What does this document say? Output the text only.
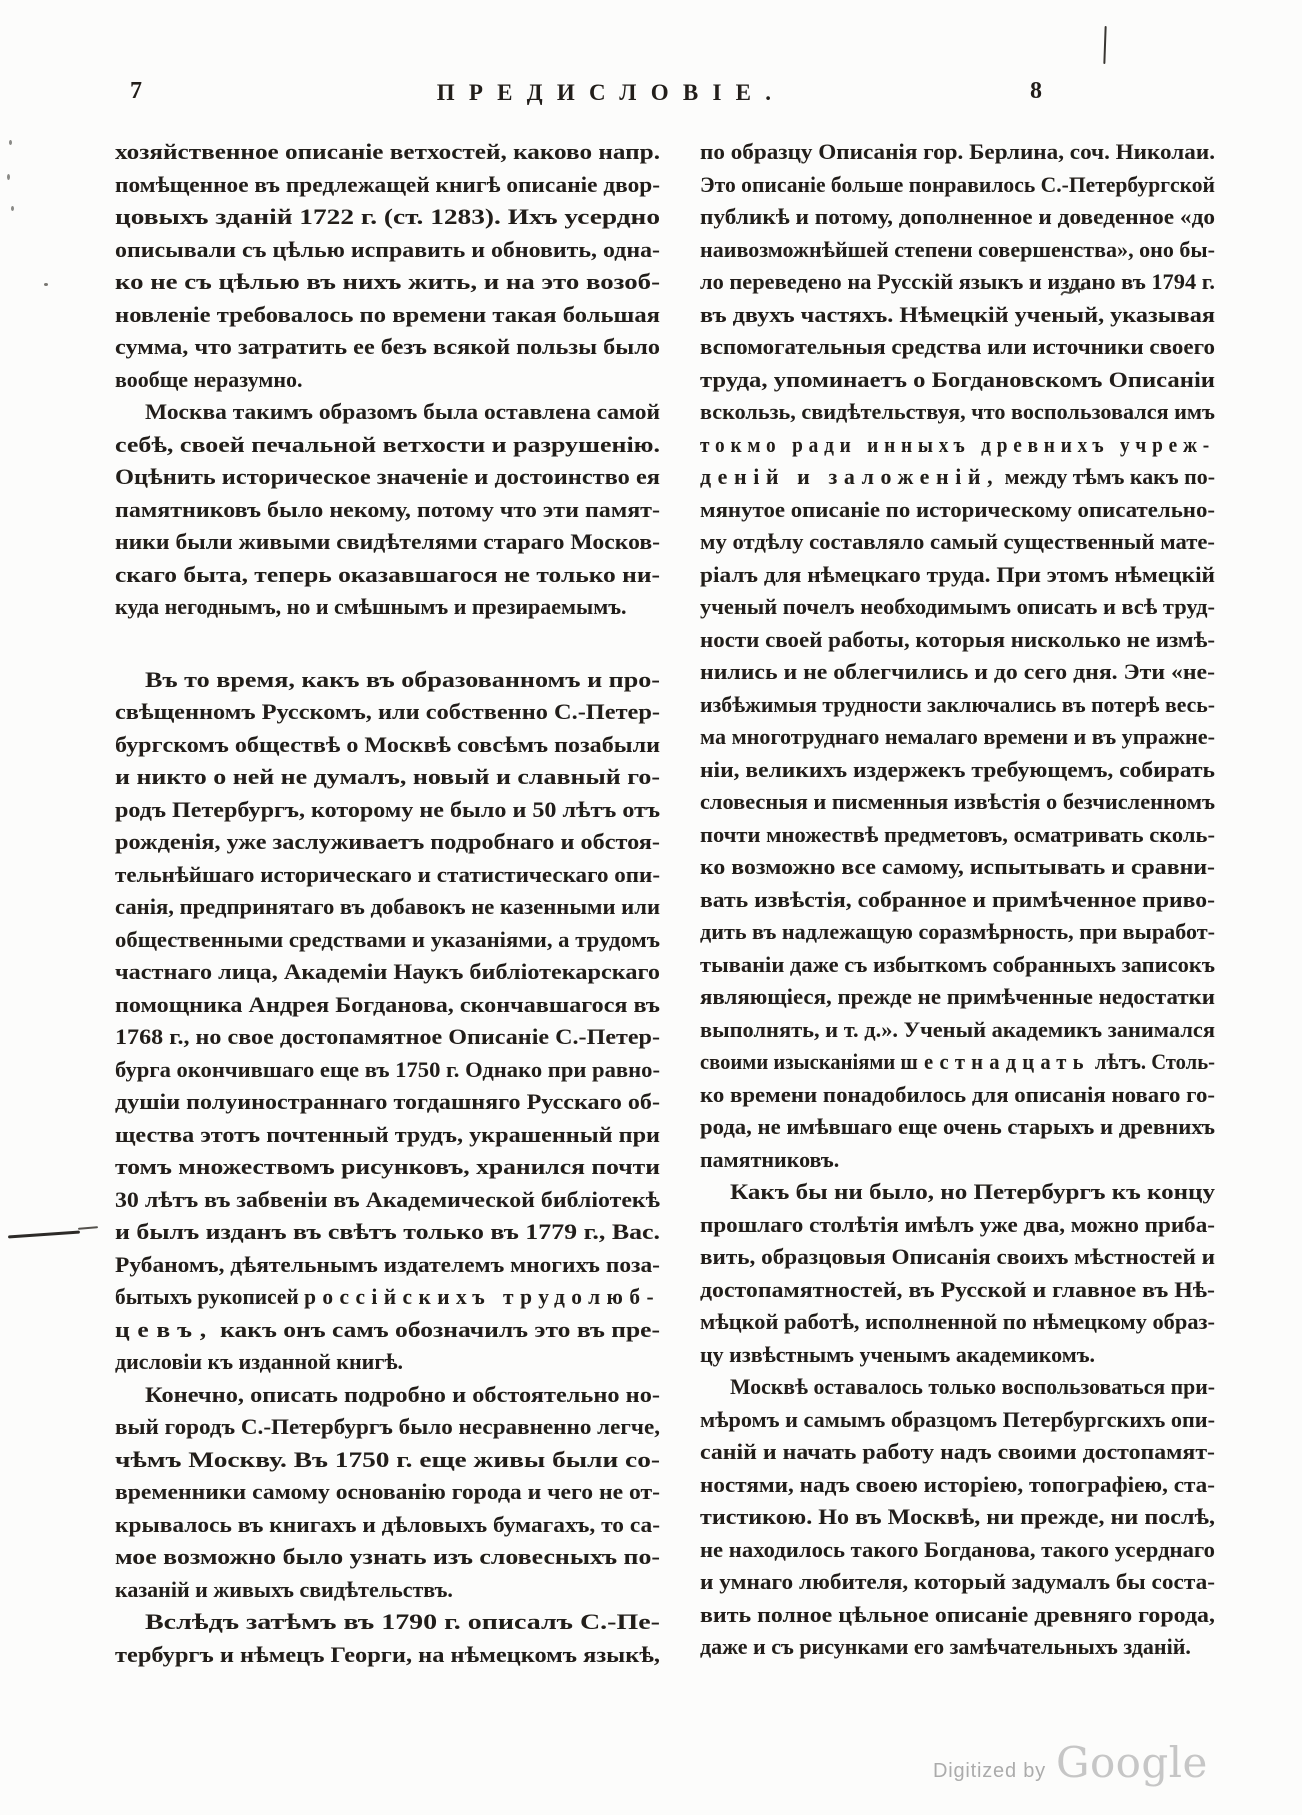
7	ПРЕДИСЛОВІЕ.	8
хозяйственное описаніе ветхостей, каково напр.
помѣщенное въ предлежащей книгѣ описаніе двор-
цовыхъ зданій 1722 г. (ст. 1283). Ихъ усердно
описывали съ цѣлью исправить и обновить, одна-
ко не съ цѣлью въ нихъ жить, и на это возоб-
новленіе требовалось по времени такая большая
сумма, что затратить ее безъ всякой пользы было
вообще неразумно.
Москва такимъ образомъ была оставлена самой
себѣ, своей печальной ветхости и разрушенію.
Оцѣнить историческое значеніе и достоинство ея
памятниковъ было некому, потому что эти памят-
ники были живыми свидѣтелями стараго Москов-
скаго быта, теперь оказавшагося не только ни-
куда негоднымъ, но и смѣшнымъ и презираемымъ.
Въ то время, какъ въ образованномъ и про-
свѣщенномъ Русскомъ, или собственно С.-Петер-
бургскомъ обществѣ о Москвѣ совсѣмъ позабыли
и никто о ней не думалъ, новый и славный го-
родъ Петербургъ, которому не было и 50 лѣтъ отъ
рожденія, уже заслуживаетъ подробнаго и обстоя-
тельнѣйшаго историческаго и статистическаго опи-
санія, предпринятаго въ добавокъ не казенными или
общественными средствами и указаніями, а трудомъ
частнаго лица, Академіи Наукъ библіотекарскаго
помощника Андрея Богданова, скончавшагося въ
1768 г., но свое достопамятное Описаніе С.-Петер-
бурга окончившаго еще въ 1750 г. Однако при равно-
душіи полуиностраннаго тогдашняго Русскаго об-
щества этотъ почтенный трудъ, украшенный при
томъ множествомъ рисунковъ, хранился почти
30 лѣтъ въ забвеніи въ Академической библіотекѣ
и былъ изданъ въ свѣтъ только въ 1779 г., Вас.
Рубаномъ, дѣятельнымъ издателемъ многихъ поза-
бытыхъ рукописей россійскихъ трудолюб-
цевъ, какъ онъ самъ обозначилъ это въ пре-
дисловіи къ изданной книгѣ.
Конечно, описать подробно и обстоятельно но-
вый городъ С.-Петербургъ было несравненно легче,
чѣмъ Москву. Въ 1750 г. еще живы были со-
временники самому основанію города и чего не от-
крывалось въ книгахъ и дѣловыхъ бумагахъ, то са-
мое возможно было узнать изъ словесныхъ по-
казаній и живыхъ свидѣтельствъ.
Вслѣдъ затѣмъ въ 1790 г. описалъ С.-Пе-
тербургъ и нѣмецъ Георги, на нѣмецкомъ языкѣ,
по образцу Описанія гор. Берлина, соч. Николаи.
Это описаніе больше понравилось С.-Петербургской
публикѣ и потому, дополненное и доведенное «до
наивозможнѣйшей степени совершенства», оно бы-
ло переведено на Русскій языкъ и издано въ 1794 г.
въ двухъ частяхъ. Нѣмецкій ученый, указывая
вспомогательныя средства или источники своего
труда, упоминаетъ о Богдановскомъ Описаніи
вскользь, свидѣтельствуя, что воспользовался имъ
токмо ради инныхъ древнихъ учреж-
деній и заложеній, между тѣмъ какъ по-
мянутое описаніе по историческому описательно-
му отдѣлу составляло самый существенный мате-
ріалъ для нѣмецкаго труда. При этомъ нѣмецкій
ученый почелъ необходимымъ описать и всѣ труд-
ности своей работы, которыя нисколько не измѣ-
нились и не облегчились и до сего дня. Эти «не-
избѣжимыя трудности заключались въ потерѣ весь-
ма многотруднаго немалаго времени и въ упражне-
ніи, великихъ издержекъ требующемъ, собирать
словесныя и писменныя извѣстія о безчисленномъ
почти множествѣ предметовъ, осматривать сколь-
ко возможно все самому, испытывать и сравни-
вать извѣстія, собранное и примѣченное приво-
дить въ надлежащую соразмѣрность, при выработ-
тываніи даже съ избыткомъ собранныхъ записокъ
являющіеся, прежде не примѣченные недостатки
выполнять, и т. д.». Ученый академикъ занимался
своими изысканіями шестнадцать лѣтъ. Столь-
ко времени понадобилось для описанія новаго го-
рода, не имѣвшаго еще очень старыхъ и древнихъ
памятниковъ.
Какъ бы ни было, но Петербургъ къ концу
прошлаго столѣтія имѣлъ уже два, можно приба-
вить, образцовыя Описанія своихъ мѣстностей и
достопамятностей, въ Русской и главное въ Нѣ-
мѣцкой работѣ, исполненной по нѣмецкому образ-
цу извѣстнымъ ученымъ академикомъ.
Москвѣ оставалось только воспользоваться при-
мѣромъ и самымъ образцомъ Петербургскихъ опи-
саній и начать работу надъ своими достопамят-
ностями, надъ своею исторіею, топографіею, ста-
тистикою. Но въ Москвѣ, ни прежде, ни послѣ,
не находилось такого Богданова, такого усерднаго
и умнаго любителя, который задумалъ бы соста-
вить полное цѣльное описаніе древняго города,
даже и съ рисунками его замѣчательныхъ зданій.
Digitized by Google
